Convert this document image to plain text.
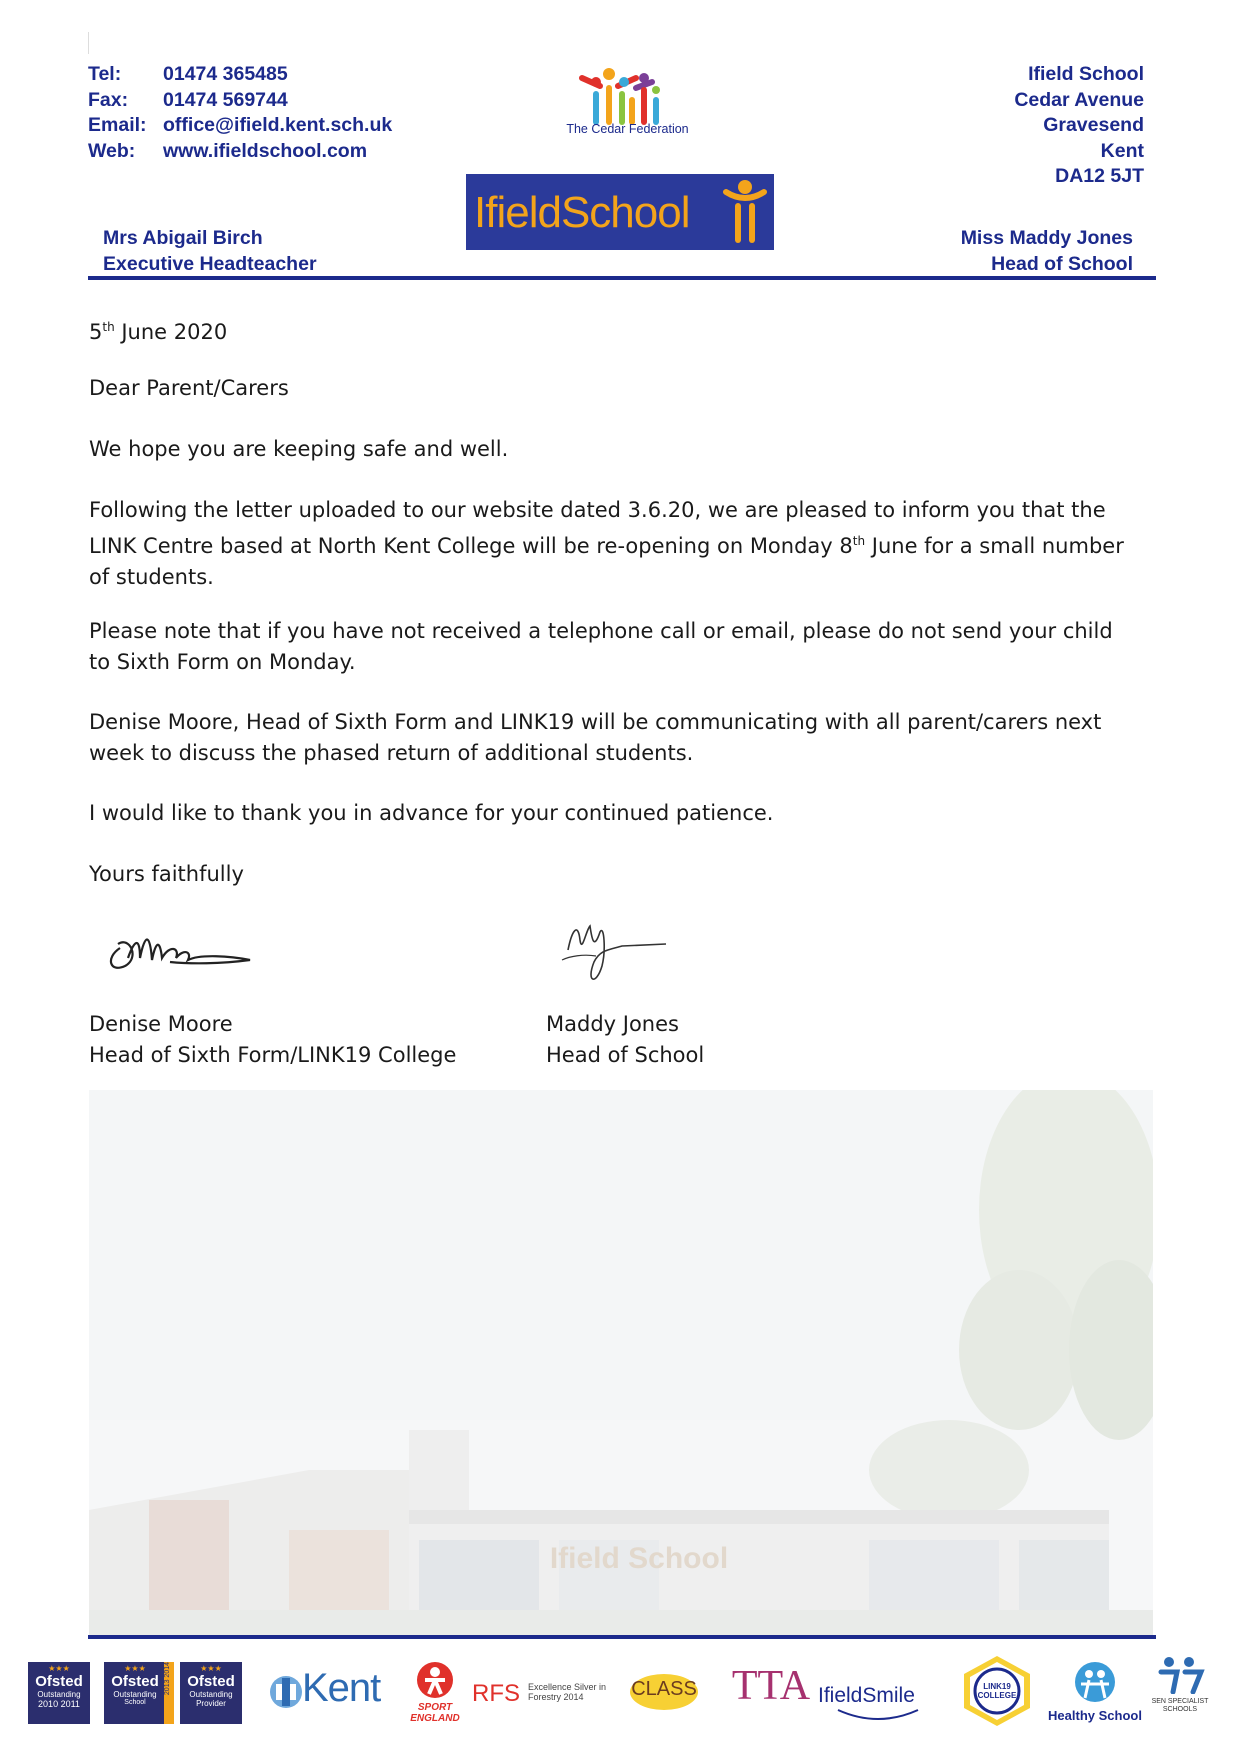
Tel:	01474 365485
Fax:	01474 569744
Email: office@ifield.kent.sch.uk
Web:	www.ifieldschool.com
The Cedar Federation
Ifield School
Cedar Avenue
Gravesend
Kent
DA12 5JT
IfieldSchool
Mrs Abigail Birch
Executive Headteacher
Miss Maddy Jones
Head of School
5th June 2020
Dear Parent/Carers
We hope you are keeping safe and well.
Following the letter uploaded to our website dated 3.6.20, we are pleased to inform you that the LINK Centre based at North Kent College will be re-opening on Monday 8th June for a small number of students.
Please note that if you have not received a telephone call or email, please do not send your child to Sixth Form on Monday.
Denise Moore, Head of Sixth Form and LINK19 will be communicating with all parent/carers next week to discuss the phased return of additional students.
I would like to thank you in advance for your continued patience.
Yours faithfully
Denise Moore
Head of Sixth Form/LINK19 College
Maddy Jones
Head of School
Ifield School
★★★
Ofsted
Outstanding
2010 2011
★★★
Ofsted
Outstanding
School
2013 2014	★★★
Ofsted
Outstanding
Provider	Kent	SPORT ENGLAND
RFS Excellence Silver in Forestry 2014	CLASS TTA IfieldSmile	LINK19 COLLEGE
Healthy School
SEN SPECIALIST SCHOOLS
